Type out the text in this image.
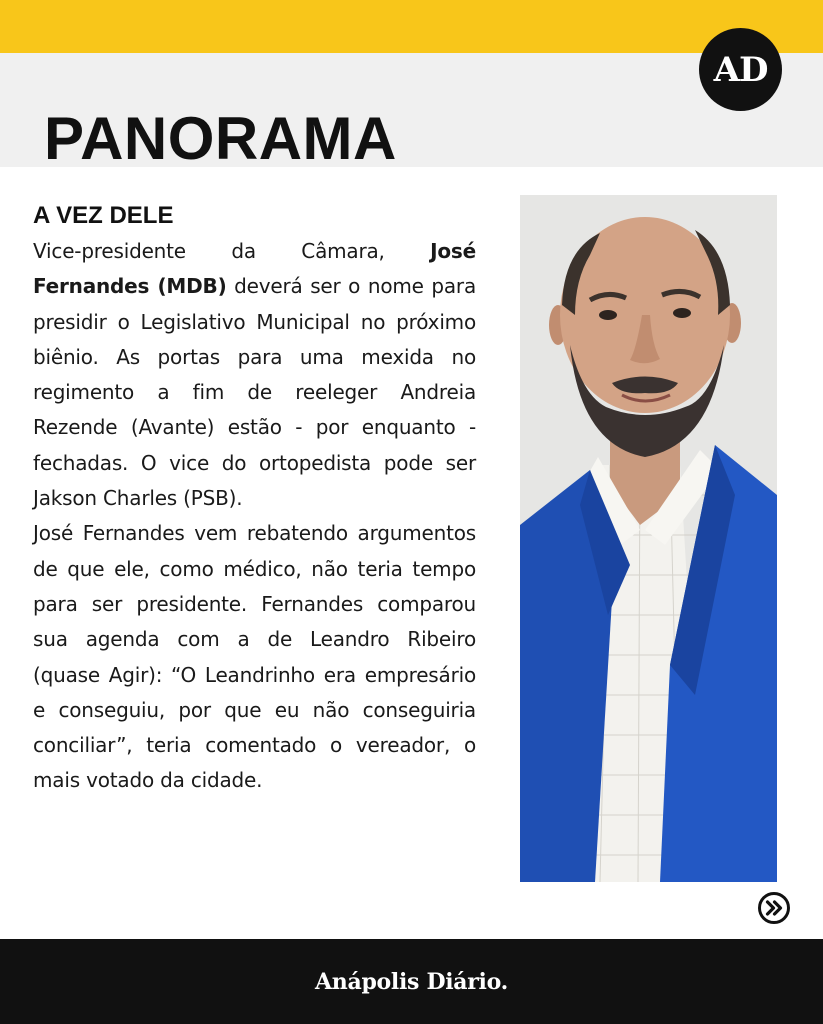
AD
PANORAMA
A VEZ DELE

Vice-presidente da Câmara, José Fernandes (MDB) deverá ser o nome para presidir o Legislativo Municipal no próximo biênio. As portas para uma mexida no regimento a fim de reeleger Andreia Rezende (Avante) estão - por enquanto - fechadas. O vice do ortopedista pode ser Jakson Charles (PSB).

José Fernandes vem rebatendo argumentos de que ele, como médico, não teria tempo para ser presidente. Fernandes comparou sua agenda com a de Leandro Ribeiro (quase Agir): “O Leandrinho era empresário e conseguiu, por que eu não conseguiria conciliar”, teria comentado o vereador, o mais votado da cidade.

Anápolis Diário.
